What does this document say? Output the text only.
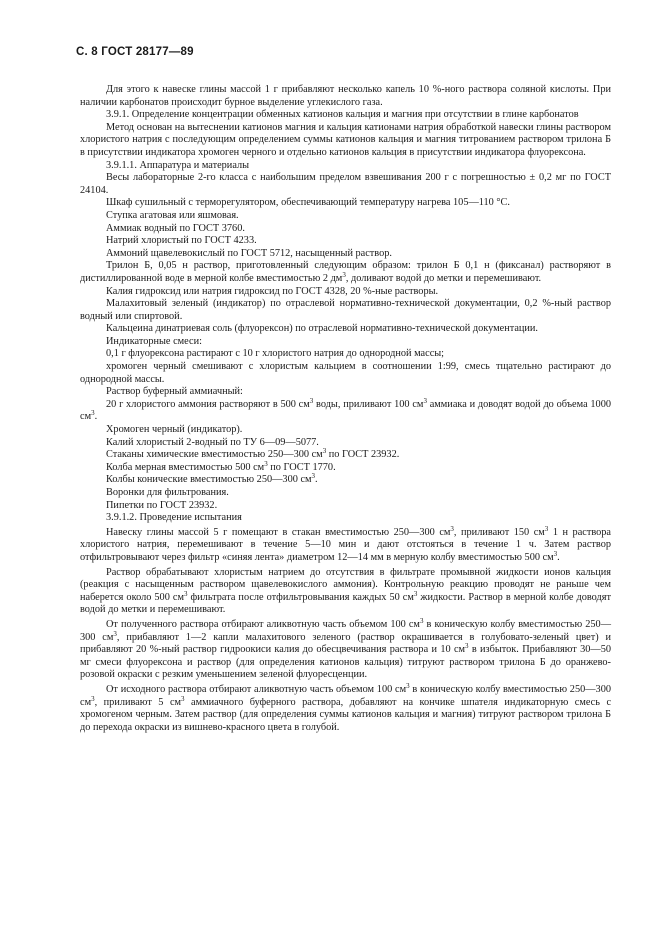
С. 8 ГОСТ 28177—89

Для этого к навеске глины массой 1 г прибавляют несколько капель 10 %-ного раствора соляной кислоты. При наличии карбонатов происходит бурное выделение углекислого газа.

3.9.1. Определение концентрации обменных катионов кальция и магния при отсутствии в глине карбонатов

Метод основан на вытеснении катионов магния и кальция катионами натрия обработкой навески глины раствором хлористого натрия с последующим определением суммы катионов кальция и магния титрованием раствором трилона Б в присутствии индикатора хромоген черного и отдельно катионов кальция в присутствии индикатора флуорексона.

3.9.1.1. Аппаратура и материалы

Весы лабораторные 2-го класса с наибольшим пределом взвешивания 200 г с погрешностью ± 0,2 мг по ГОСТ 24104.

Шкаф сушильный с терморегулятором, обеспечивающий температуру нагрева 105—110 °С.

Ступка агатовая или яшмовая.

Аммиак водный по ГОСТ 3760.

Натрий хлористый по ГОСТ 4233.

Аммоний щавелевокислый по ГОСТ 5712, насыщенный раствор.

Трилон Б, 0,05 н раствор, приготовленный следующим образом: трилон Б 0,1 н (фиксанал) растворяют в дистиллированной воде в мерной колбе вместимостью 2 $дм^3$, доливают водой до метки и перемешивают.

Калия гидроксид или натрия гидроксид по ГОСТ 4328, 20 %-ные растворы.

Малахитовый зеленый (индикатор) по отраслевой нормативно-технической документации, 0,2 %-ный раствор водный или спиртовой.

Кальцеина динатриевая соль (флуорексон) по отраслевой нормативно-технической документации.

Индикаторные смеси:

0,1 г флуорексона растирают с 10 г хлористого натрия до однородной массы;

хромоген черный смешивают с хлористым кальцием в соотношении 1:99, смесь тщательно растирают до однородной массы.

Раствор буферный аммиачный:

20 г хлористого аммония растворяют в 500 $см^3$ воды, приливают 100 $см^3$ аммиака и доводят водой до объема 1000 $см^3$.

Хромоген черный (индикатор).

Калий хлористый 2-водный по ТУ 6—09—5077.

Стаканы химические вместимостью 250—300 $см^3$ по ГОСТ 23932.

Колба мерная вместимостью 500 $см^3$ по ГОСТ 1770.

Колбы конические вместимостью 250—300 $см^3$.

Воронки для фильтрования.

Пипетки по ГОСТ 23932.

3.9.1.2. Проведение испытания

Навеску глины массой 5 г помещают в стакан вместимостью 250—300 $см^3$, приливают 150 $см^3$ 1 н раствора хлористого натрия, перемешивают в течение 5—10 мин и дают отстояться в течение 1 ч. Затем раствор отфильтровывают через фильтр «синяя лента» диаметром 12—14 мм в мерную колбу вместимостью 500 $см^3$.

Раствор обрабатывают хлористым натрием до отсутствия в фильтрате промывной жидкости ионов кальция (реакция с насыщенным раствором щавелевокислого аммония). Контрольную реакцию проводят не раньше чем наберется около 500 $см^3$ фильтрата после отфильтровывания каждых 50 $см^3$ жидкости. Раствор в мерной колбе доводят водой до метки и перемешивают.

От полученного раствора отбирают аликвотную часть объемом 100 $см^3$ в коническую колбу вместимостью 250—300 $см^3$, прибавляют 1—2 капли малахитового зеленого (раствор окрашивается в голубовато-зеленый цвет) и прибавляют 20 %-ный раствор гидроокиси калия до обесцвечивания раствора и 10 $см^3$ в избыток. Прибавляют 30—50 мг смеси флуорексона и раствор (для определения катионов кальция) титруют раствором трилона Б до оранжево-розовой окраски с резким уменьшением зеленой флуоресценции.

От исходного раствора отбирают аликвотную часть объемом 100 $см^3$ в коническую колбу вместимостью 250—300 $см^3$, приливают 5 $см^3$ аммиачного буферного раствора, добавляют на кончике шпателя индикаторную смесь с хромогеном черным. Затем раствор (для определения суммы катионов кальция и магния) титруют раствором трилона Б до перехода окраски из вишнево-красного цвета в голубой.
